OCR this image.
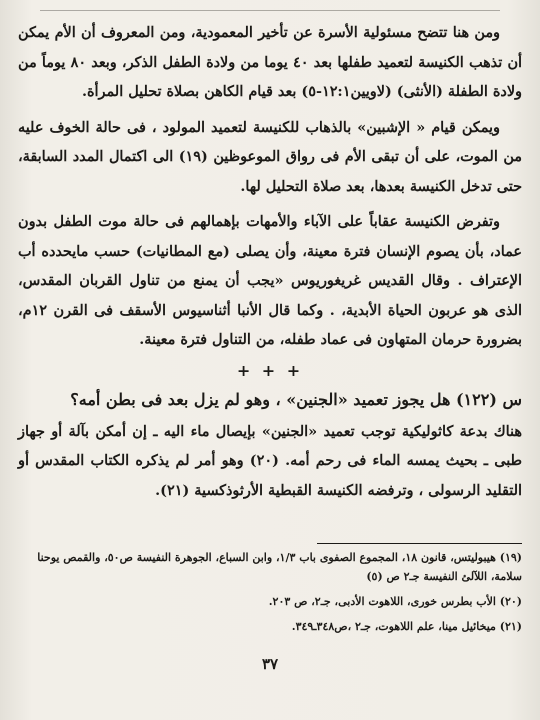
ومن هنا تتضح مسئولية الأسرة عن تأخير المعمودية، ومن المعروف أن الأم يمكن أن تذهب الكنيسة لتعميد طفلها بعد ٤٠ يوما من ولادة الطفل الذكر، وبعد ٨٠ يوماً من ولادة الطفلة (الأنثى) (لاويين١٢:١-٥) بعد قيام الكاهن بصلاة تحليل المرأة.

ويمكن قيام « الإشبين» بالذهاب للكنيسة لتعميد المولود ، فى حالة الخوف عليه من الموت، على أن تبقى الأم فى رواق الموعوظين (١٩) الى اكتمال المدد السابقة، حتى تدخل الكنيسة بعدها، بعد صلاة التحليل لها.

وتفرض الكنيسة عقاباً على الآباء والأمهات بإهمالهم فى حالة موت الطفل بدون عماد، بأن يصوم الإنسان فترة معينة، وأن يصلى (مع المطانيات) حسب مايحدده أب الإعتراف . وقال القديس غريغوريوس «يجب أن يمنع من تناول القربان المقدس، الذى هو عربون الحياة الأبدية، . وكما قال الأنبا أثناسيوس الأسقف فى القرن ١٢م، بضرورة حرمان المتهاون فى عماد طفله، من التناول فترة معينة.

+ + +

س (١٢٢) هل يجوز تعميد «الجنين» ، وهو لم يزل بعد فى بطن أمه؟

هناك بدعة كاثوليكية توجب تعميد «الجنين» بإيصال ماء اليه ـ إن أمكن بآلة أو جهاز طبى ـ بحيث يمسه الماء فى رحم أمه. (٢٠) وهو أمر لم يذكره الكتاب المقدس أو التقليد الرسولى ، وترفضه الكنيسة القبطية الأرثوذكسية (٢١).

(١٩) هيبوليتس، قانون ١٨، المجموع الصفوى باب ١/٣، وابن السباع، الجوهرة النفيسة ص٥٠، والقمص يوحنا سلامة، اللآلئ النفيسة جـ٢ ص (٥)

(٢٠) الأب بطرس خورى، اللاهوت الأدبى، جـ٢، ص ٢٠٣.

(٢١) ميخائيل مينا، علم اللاهوت، جـ٢ ،ص٣٤٨ـ٣٤٩.

٣٧
